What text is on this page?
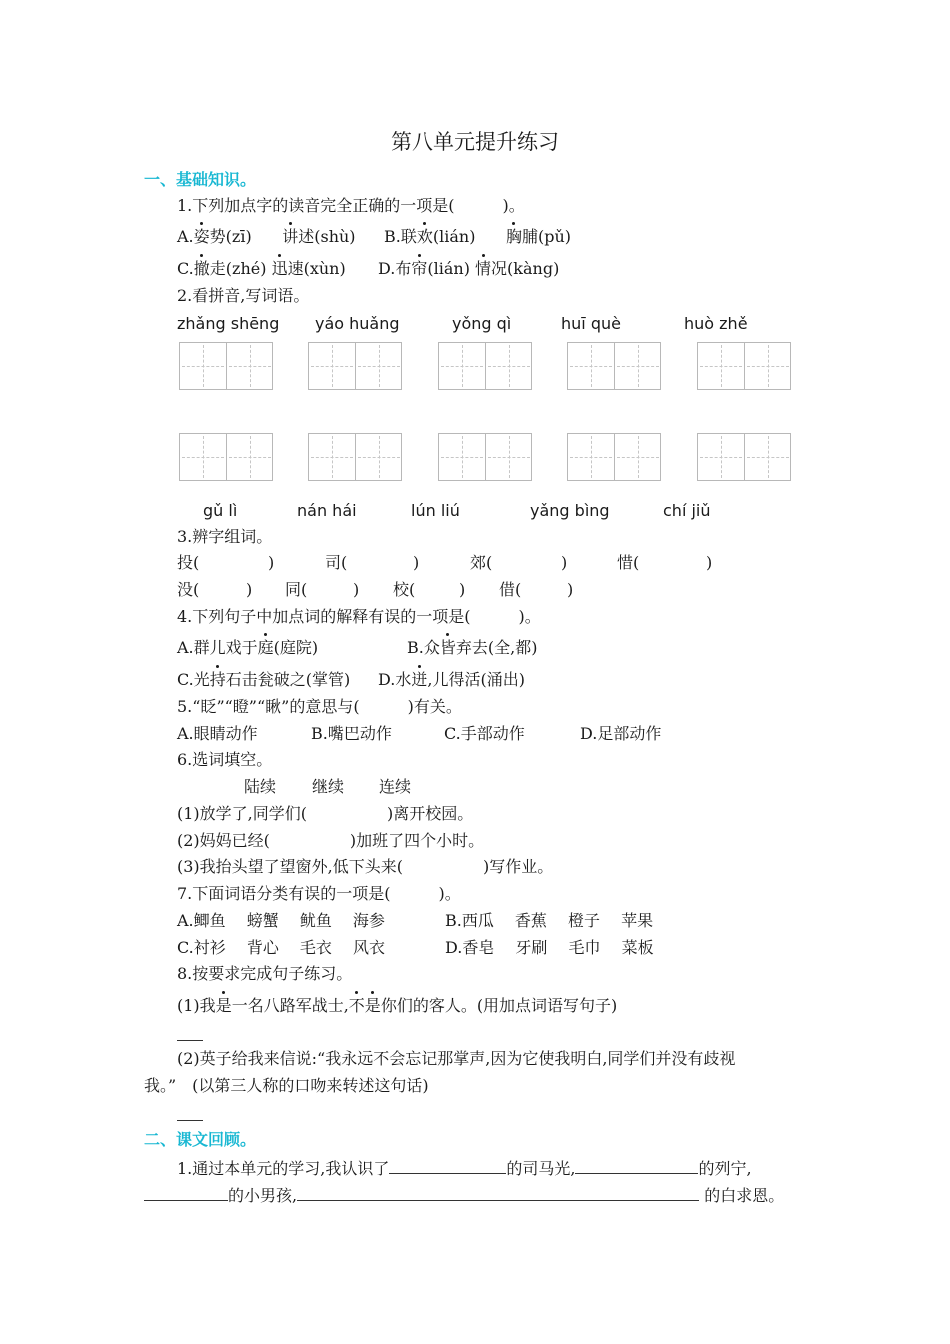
第八单元提升练习
一、基础知识。
1.下列加点字的读音完全正确的一项是(　　　)。
A.姿势(zī) 讲述(shù) B.联欢(lián) 胸脯(pǔ)
C.撤走(zhé) 迅速(xùn) D.布帘(lián) 情况(kàng)
2.看拼音,写词语。
zhǎng shēng yáo huǎng	yǒng qì	huī què	huò zhě
gǔ lì	nán hái	lún liú	yǎng bìng	chí jiǔ
3.辨字组词。
投(	)	司(	)	郊(	)	惜(	)
没(	) 同(	) 校(	) 借(	)
4.下列句子中加点词的解释有误的一项是(　　　)。
A.群儿戏于庭(庭院)	B.众皆弃去(全,都)
C.光持石击瓮破之(掌管) D.水迸,儿得活(涌出)
5.“眨”“瞪”“瞅”的意思与(　　　)有关。
A.眼睛动作	B.嘴巴动作	C.手部动作	D.足部动作
6.选词填空。
陆续 继续 连续
(1)放学了,同学们(　　　　　)离开校园。
(2)妈妈已经(　　　　　)加班了四个小时。
(3)我抬头望了望窗外,低下头来(　　　　　)写作业。
7.下面词语分类有误的一项是(　　　)。
A.鲫鱼　 螃蟹　 鱿鱼　 海参	B.西瓜　 香蕉　 橙子　 苹果
C.衬衫　 背心　 毛衣　 风衣	D.香皂　 牙刷　 毛巾　 菜板
8.按要求完成句子练习。
(1)我是一名八路军战士,不是你们的客人。(用加点词语写句子)
(2)英子给我来信说:“我永远不会忘记那掌声,因为它使我明白,同学们并没有歧视
我。”　(以第三人称的口吻来转述这句话)
二、课文回顾。
1.通过本单元的学习,我认识了	的司马光,	的列宁,
的小男孩,	的白求恩。
